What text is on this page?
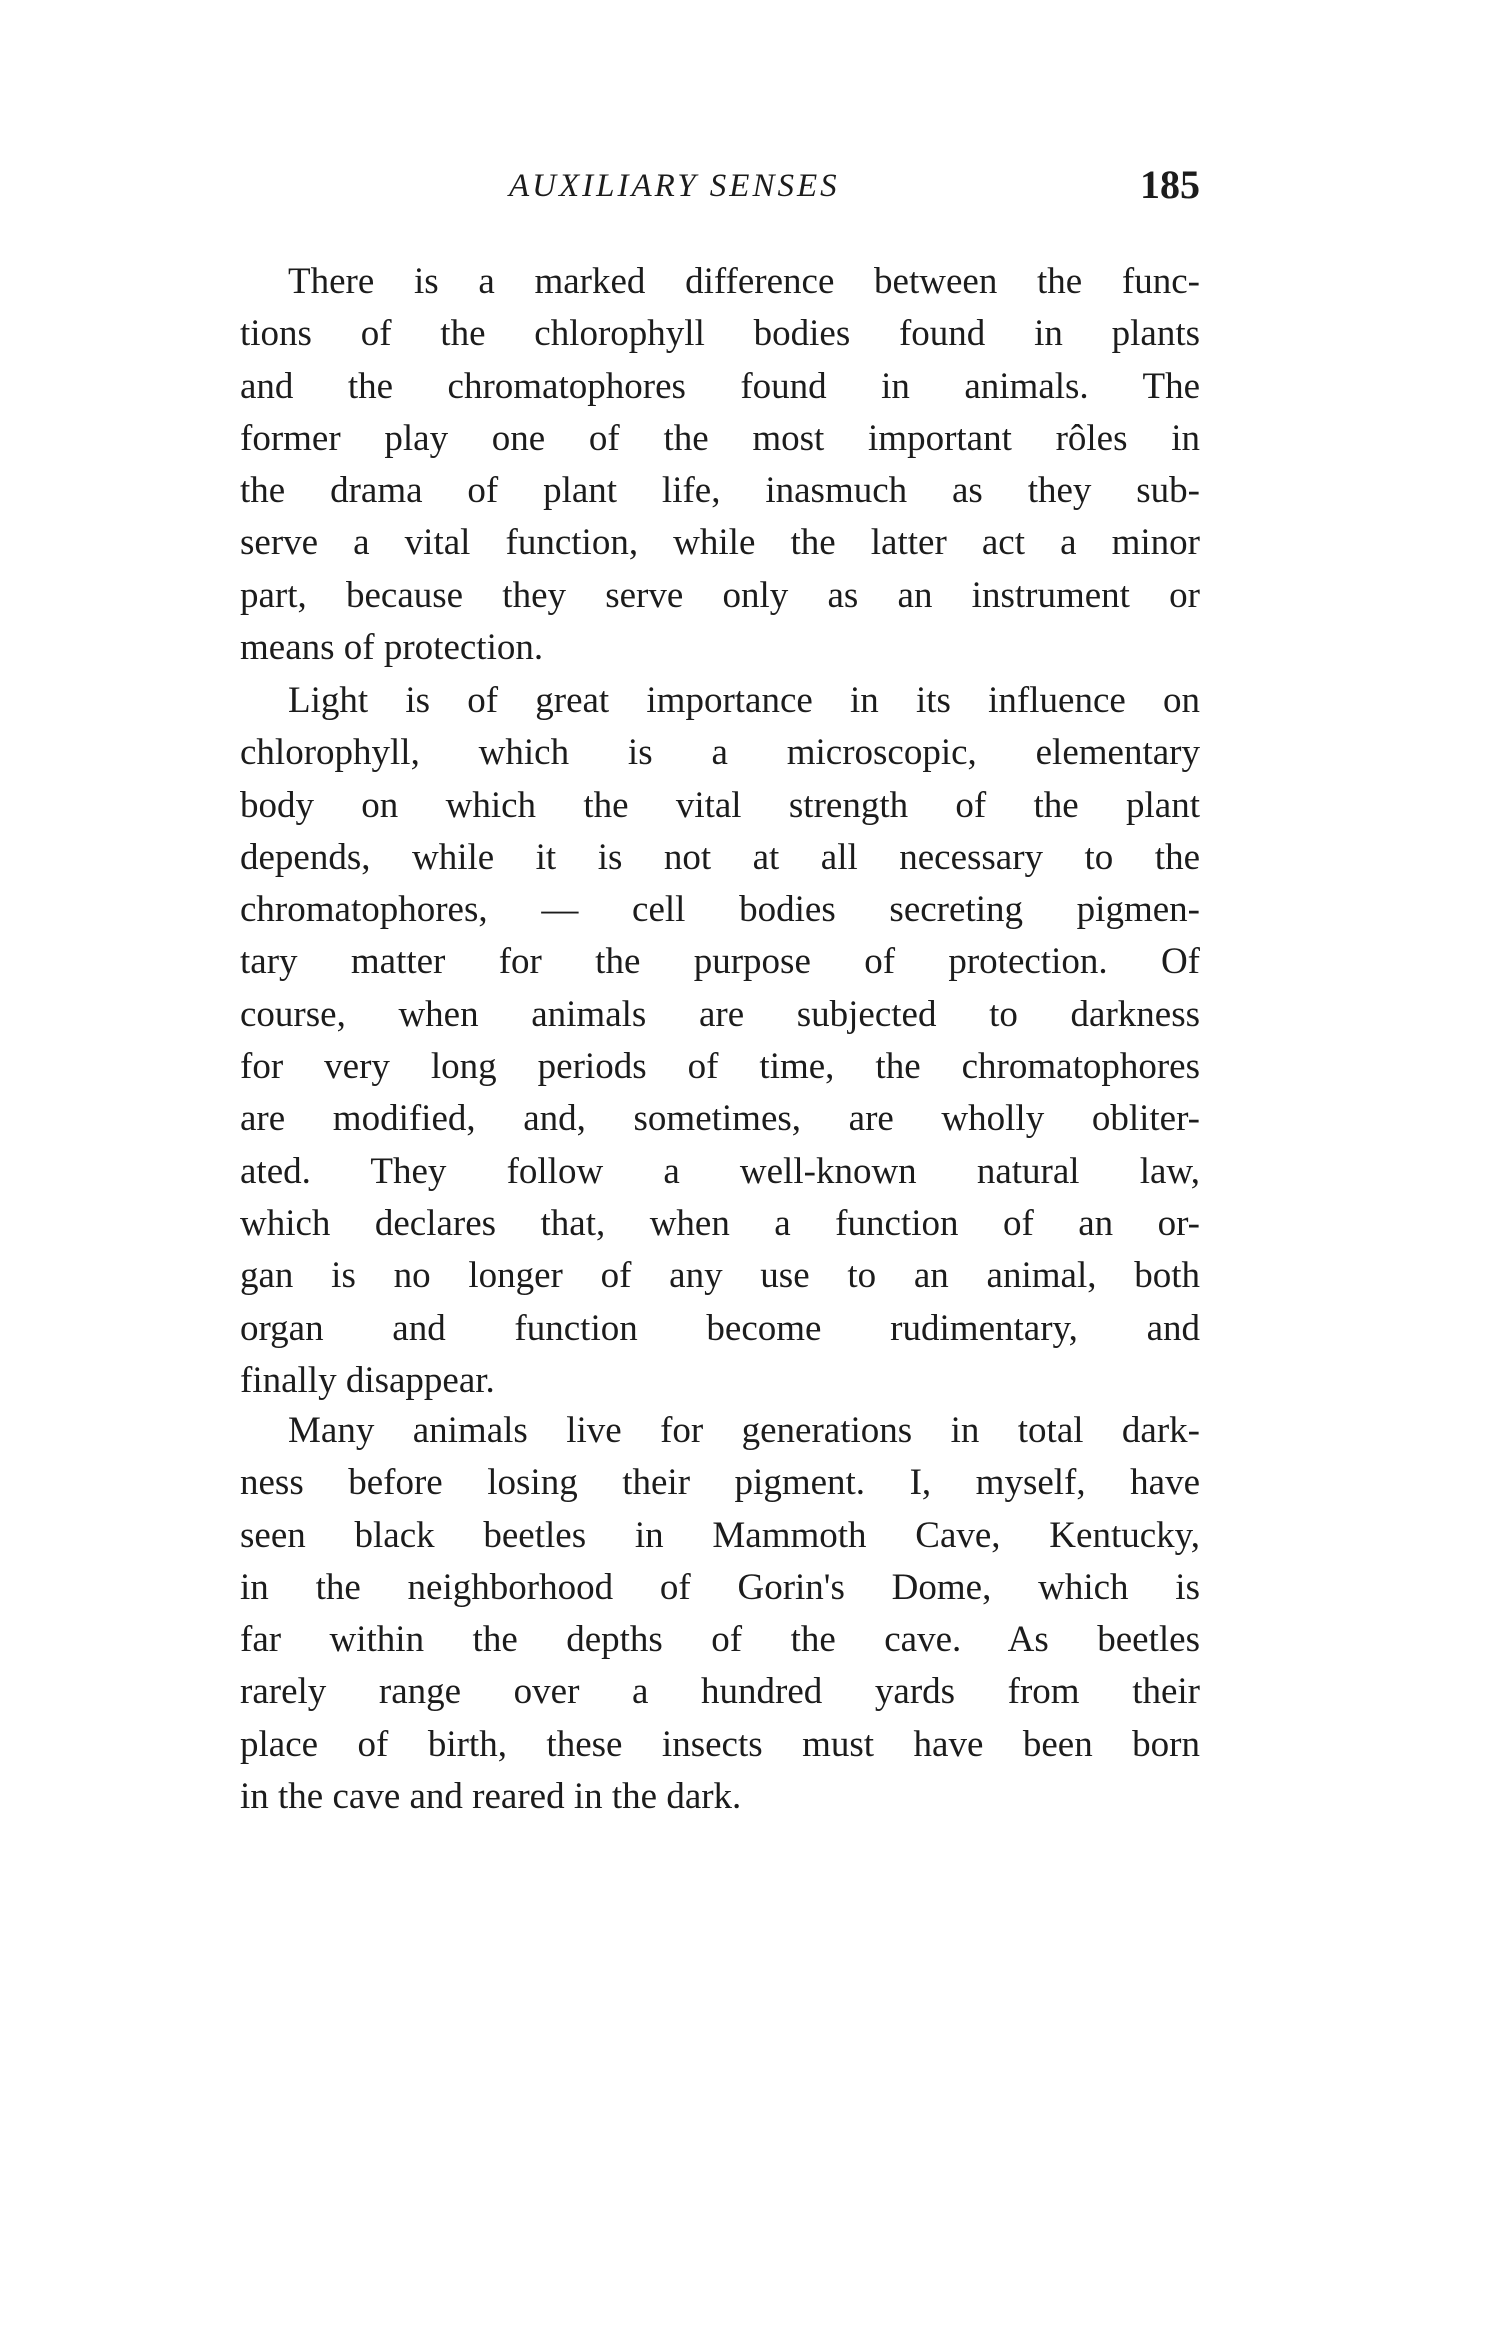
AUXILIARY SENSES	185
There is a marked difference between the func-
tions of the chlorophyll bodies found in plants
and the chromatophores found in animals. The
former play one of the most important rôles in
the drama of plant life, inasmuch as they sub-
serve a vital function, while the latter act a minor
part, because they serve only as an instrument or
means of protection.
Light is of great importance in its influence on
chlorophyll, which is a microscopic, elementary
body on which the vital strength of the plant
depends, while it is not at all necessary to the
chromatophores, — cell bodies secreting pigmen-
tary matter for the purpose of protection. Of
course, when animals are subjected to darkness
for very long periods of time, the chromatophores
are modified, and, sometimes, are wholly obliter-
ated. They follow a well-known natural law,
which declares that, when a function of an or-
gan is no longer of any use to an animal, both
organ and function become rudimentary, and
finally disappear.
Many animals live for generations in total dark-
ness before losing their pigment. I, myself, have
seen black beetles in Mammoth Cave, Kentucky,
in the neighborhood of Gorin's Dome, which is
far within the depths of the cave. As beetles
rarely range over a hundred yards from their
place of birth, these insects must have been born
in the cave and reared in the dark.
